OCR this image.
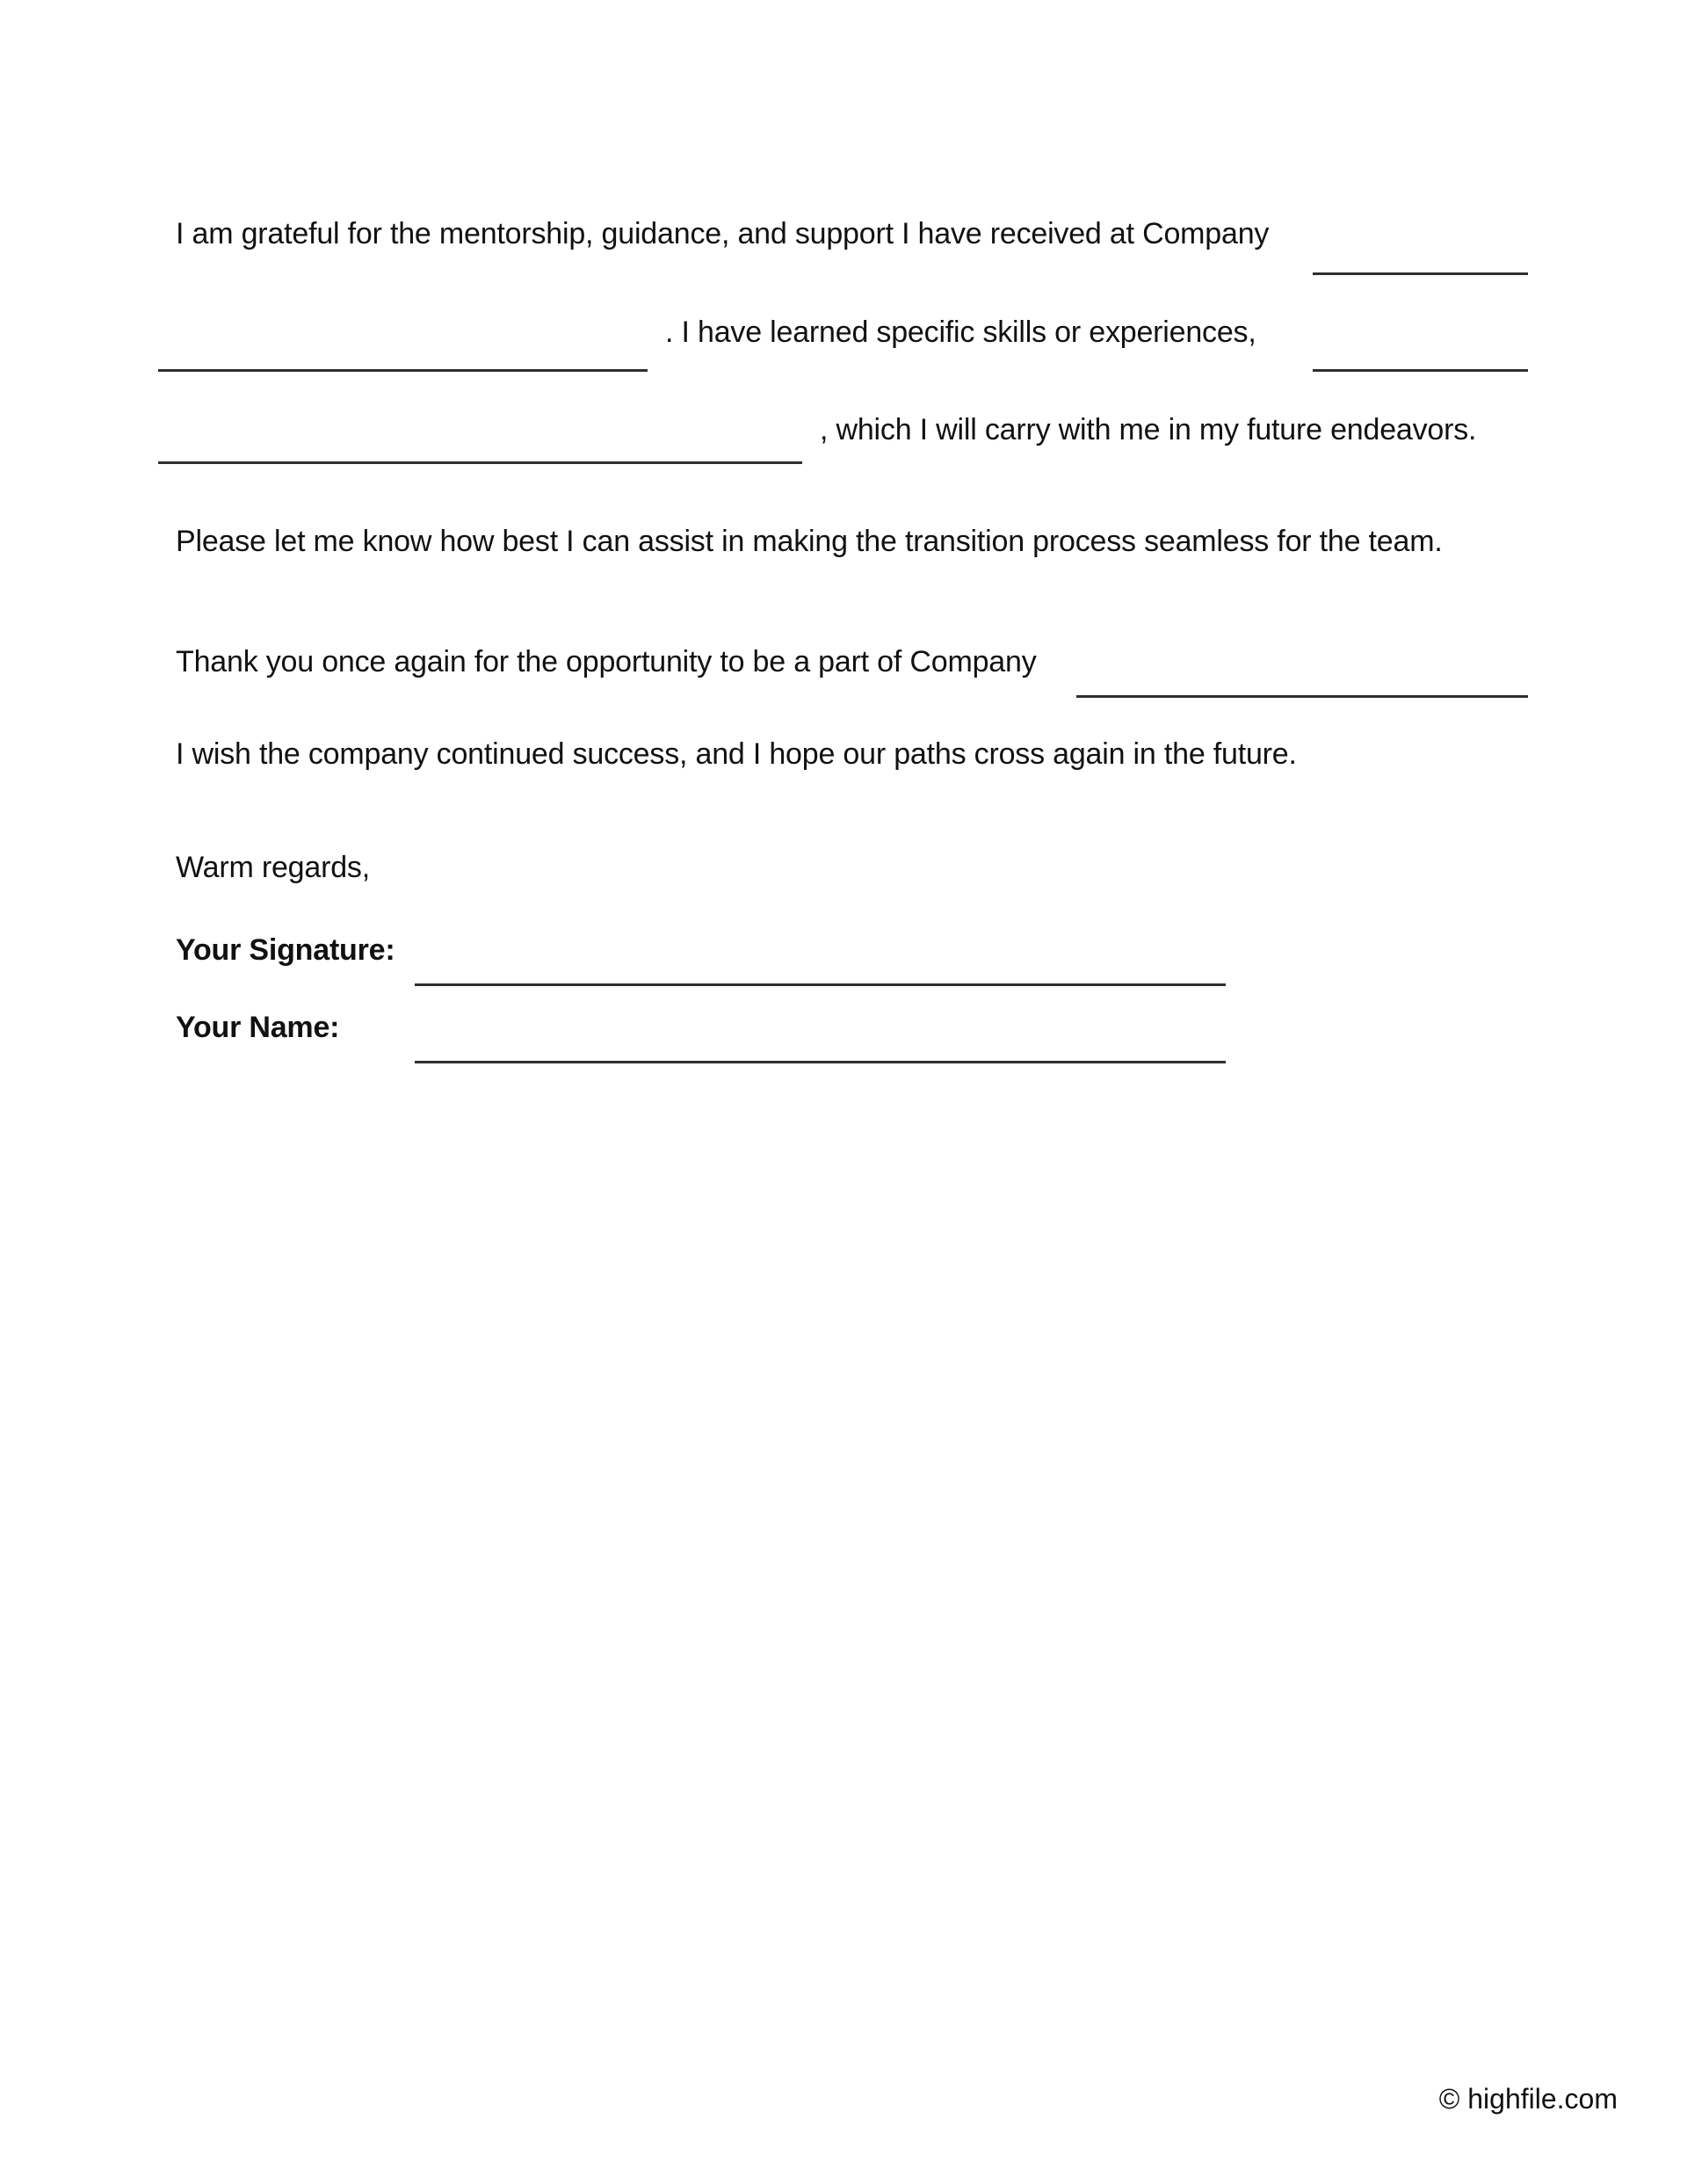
I am grateful for the mentorship, guidance, and support I have received at Company
. I have learned specific skills or experiences,
, which I will carry with me in my future endeavors.
Please let me know how best I can assist in making the transition process seamless for the team.
Thank you once again for the opportunity to be a part of Company
I wish the company continued success, and I hope our paths cross again in the future.
Warm regards,
Your Signature:
Your Name:
© highfile.com
